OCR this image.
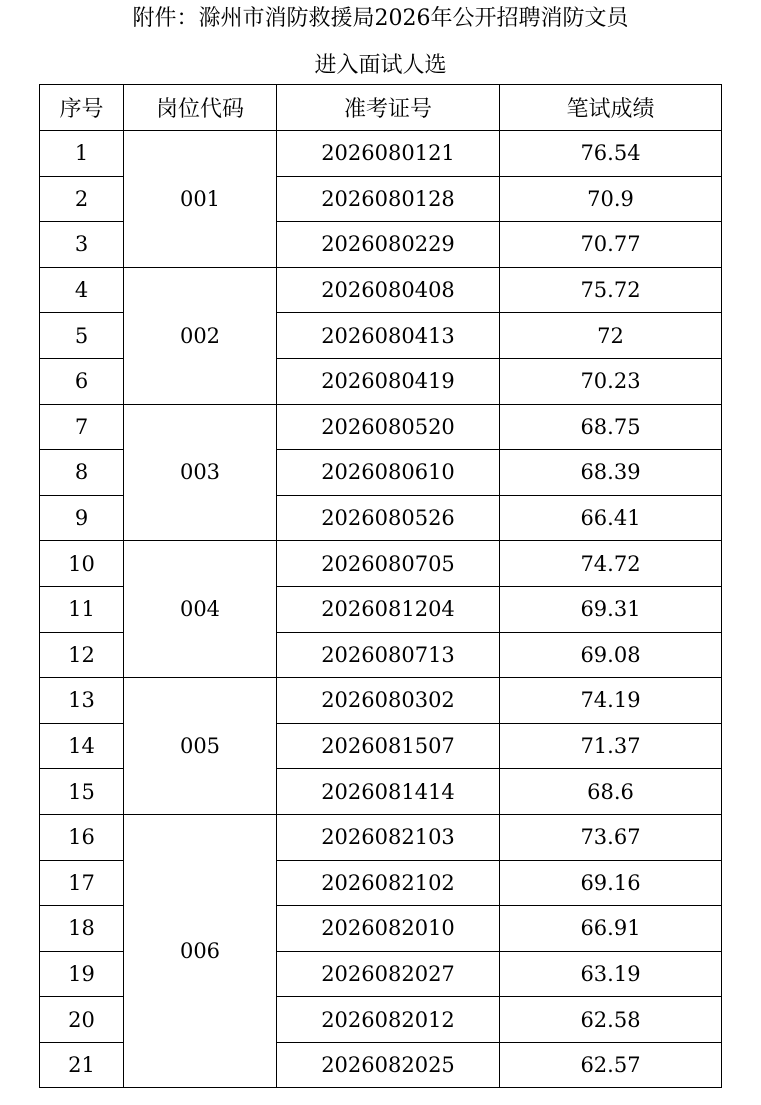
附件：滁州市消防救援局2026年公开招聘消防文员
进入面试人选
序号	岗位代码	准考证号	笔试成绩
1	001	2026080121	76.54
2		2026080128	70.9
3		2026080229	70.77
4	002	2026080408	75.72
5		2026080413	72
6		2026080419	70.23
7	003	2026080520	68.75
8		2026080610	68.39
9		2026080526	66.41
10	004	2026080705	74.72
11		2026081204	69.31
12		2026080713	69.08
13	005	2026080302	74.19
14		2026081507	71.37
15		2026081414	68.6
16	006	2026082103	73.67
17		2026082102	69.16
18		2026082010	66.91
19		2026082027	63.19
20		2026082012	62.58
21		2026082025	62.57
